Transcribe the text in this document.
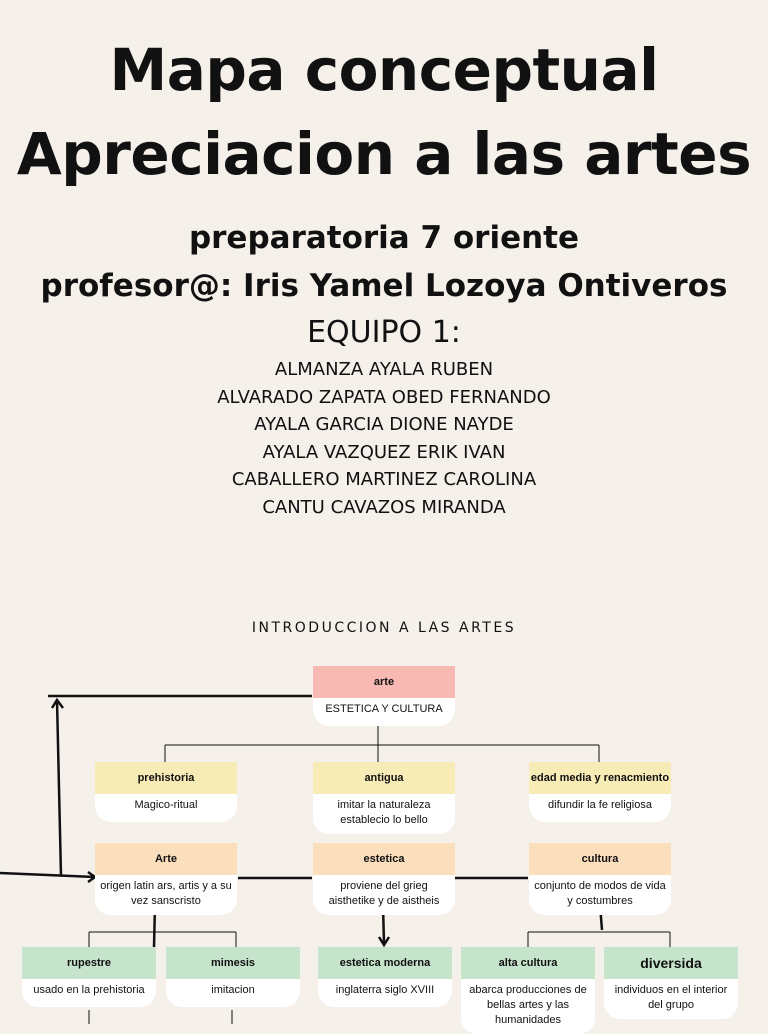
Mapa conceptual
Apreciacion a las artes
preparatoria 7 oriente
profesor@: Iris Yamel Lozoya Ontiveros
EQUIPO 1:
ALMANZA AYALA RUBEN
ALVARADO ZAPATA OBED FERNANDO
AYALA GARCIA DIONE NAYDE
AYALA VAZQUEZ ERIK IVAN
CABALLERO MARTINEZ CAROLINA
CANTU CAVAZOS MIRANDA
INTRODUCCION A LAS ARTES
arte
ESTETICA Y CULTURA
prehistoria
Magico-ritual
antigua
imitar la naturaleza establecio lo bello
edad media y renacmiento
difundir la fe religiosa
Arte
origen latin ars, artis y a su vez sanscristo
estetica
proviene del grieg aisthetike y de aistheis
cultura
conjunto de modos de vida y costumbres
rupestre
usado en la prehistoria
mimesis
imitacion
estetica moderna
inglaterra siglo XVIII
alta cultura
abarca producciones de bellas artes y las humanidades
diversida
individuos en el interior del grupo
